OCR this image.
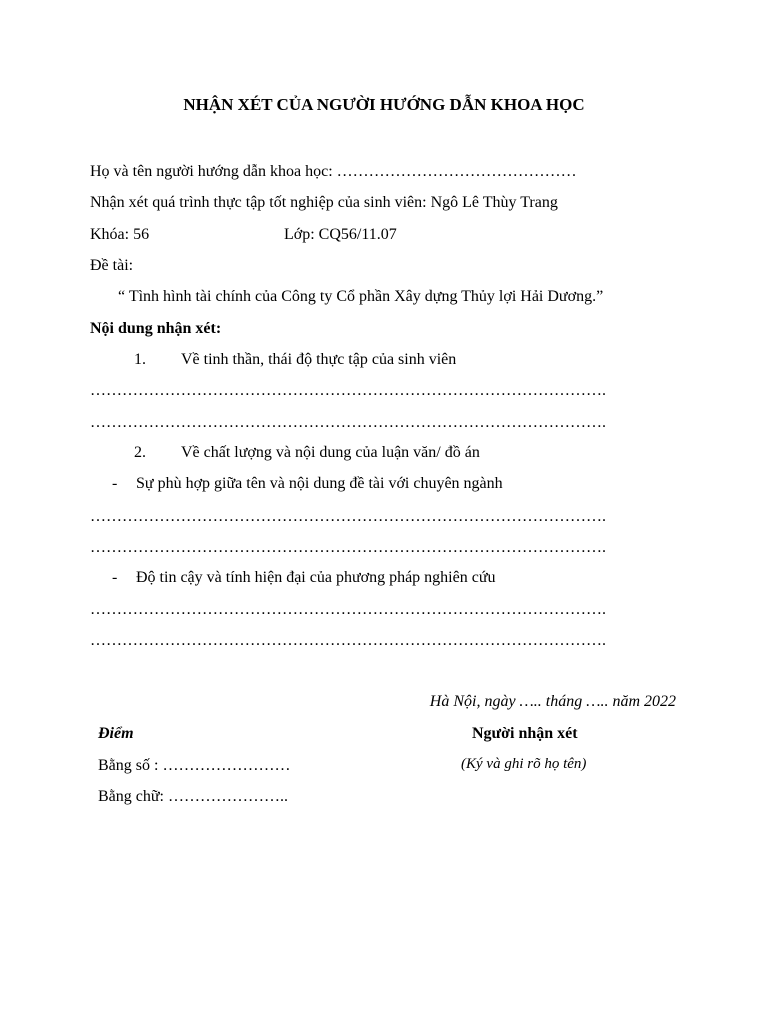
NHẬN XÉT CỦA NGƯỜI HƯỚNG DẪN KHOA HỌC
Họ và tên người hướng dẫn khoa học: ………………………………………
Nhận xét quá trình thực tập tốt nghiệp của sinh viên: Ngô Lê Thùy Trang
Khóa: 56	Lớp: CQ56/11.07
Đề tài:
“ Tình hình tài chính của Công ty Cổ phần Xây dựng Thủy lợi Hải Dương.”
Nội dung nhận xét:
1. Về tinh thần, thái độ thực tập của sinh viên
…………………………………………………………………………………….
…………………………………………………………………………………….
2. Về chất lượng và nội dung của luận văn/ đồ án
- Sự phù hợp giữa tên và nội dung đề tài với chuyên ngành
…………………………………………………………………………………….
…………………………………………………………………………………….
- Độ tin cậy và tính hiện đại của phương pháp nghiên cứu
…………………………………………………………………………………….
…………………………………………………………………………………….
Hà Nội, ngày ….. tháng ….. năm 2022
Điểm	Người nhận xét
Bằng số : ……………………	(Ký và ghi rõ họ tên)
Bằng chữ: …………………..
